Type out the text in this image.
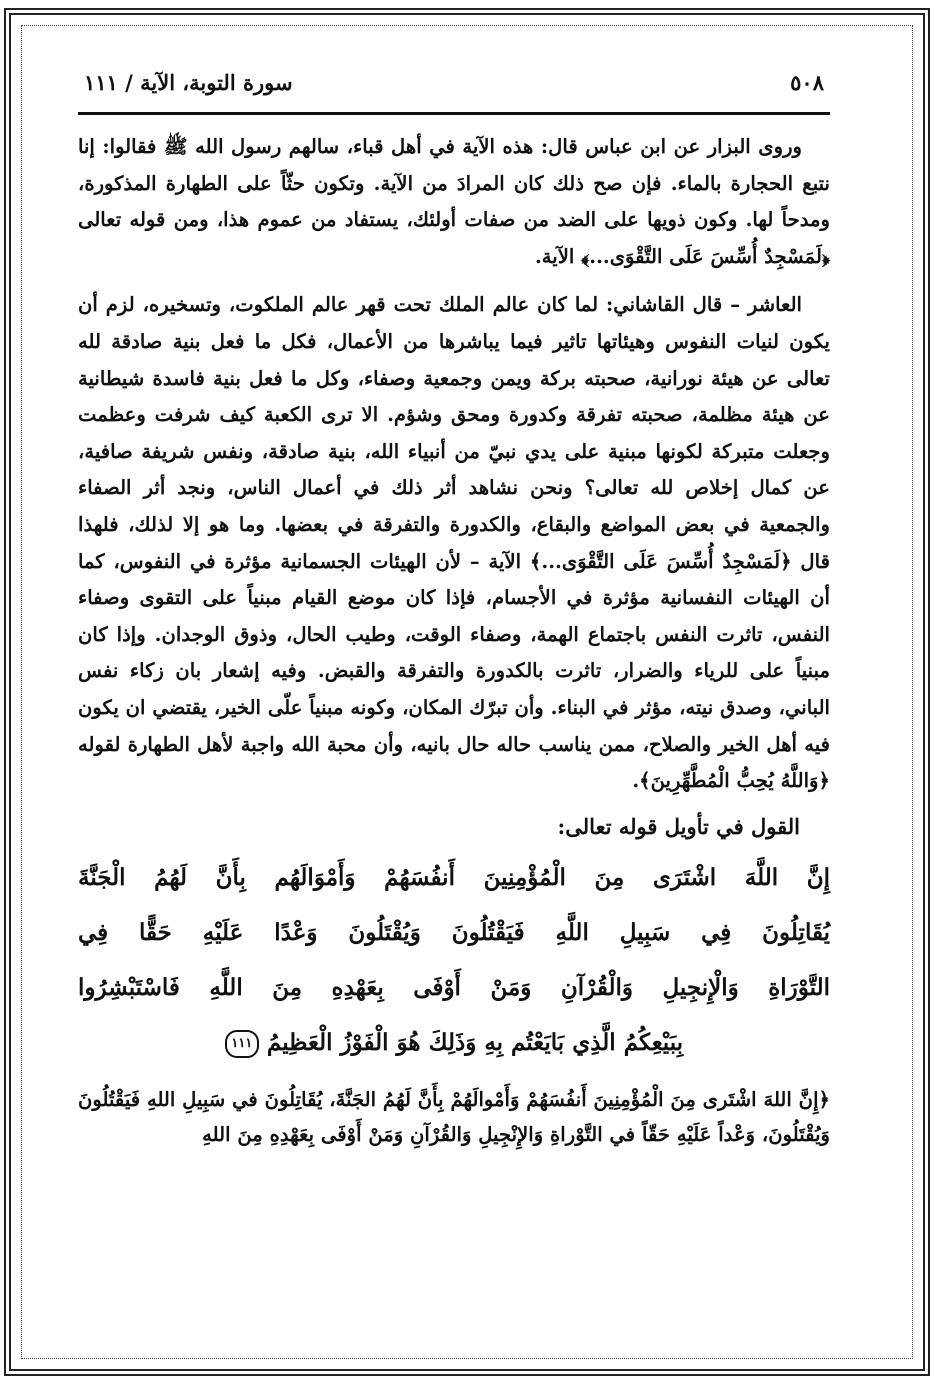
٥٠٨
سورة التوبة، الآية / ١١١

وروى البزار عن ابن عباس قال: هذه الآية في أهل قباء، سالهم رسول الله ﷺ فقالوا: إنا نتبع الحجارة بالماء. فإن صح ذلك كان المرادَ من الآية. وتكون حثّاً على الطهارة المذكورة، ومدحاً لها. وكون ذويها على الضد من صفات أولئك، يستفاد من عموم هذا، ومن قوله تعالى ﴿لَمَسْجِدٌ أُسِّسَ عَلَى التَّقْوَى...﴾ الآية.

العاشر – قال القاشاني: لما كان عالم الملك تحت قهر عالم الملكوت، وتسخيره، لزم أن يكون لنيات النفوس وهيئاتها تاثير فيما يباشرها من الأعمال، فكل ما فعل بنية صادقة لله تعالى عن هيئة نورانية، صحبته بركة ويمن وجمعية وصفاء، وكل ما فعل بنية فاسدة شيطانية عن هيئة مظلمة، صحبته تفرقة وكدورة ومحق وشؤم. الا ترى الكعبة كيف شرفت وعظمت وجعلت متبركة لكونها مبنية على يدي نبيّ من أنبياء الله، بنية صادقة، ونفس شريفة صافية، عن كمال إخلاص لله تعالى؟ ونحن نشاهد أثر ذلك في أعمال الناس، ونجد أثر الصفاء والجمعية في بعض المواضع والبقاع، والكدورة والتفرقة في بعضها. وما هو إلا لذلك، فلهذا قال ﴿لَمَسْجِدٌ أُسِّسَ عَلَى التَّقْوَى...﴾ الآية – لأن الهيئات الجسمانية مؤثرة في النفوس، كما أن الهيئات النفسانية مؤثرة في الأجسام، فإذا كان موضع القيام مبنياً على التقوى وصفاء النفس، تاثرت النفس باجتماع الهمة، وصفاء الوقت، وطيب الحال، وذوق الوجدان. وإذا كان مبنياً على للرياء والضرار، تاثرت بالكدورة والتفرقة والقبض. وفيه إشعار بان زكاء نفس الباني، وصدق نيته، مؤثر في البناء. وأن تبرّك المكان، وكونه مبنياً علّى الخير، يقتضي ان يكون فيه أهل الخير والصلاح، ممن يناسب حاله حال بانيه، وأن محبة الله واجبة لأهل الطهارة لقوله ﴿وَاللَّهُ يُحِبُّ الْمُطَّهِّرِينَ﴾.

القول في تأويل قوله تعالى:
إِنَّ اللَّهَ اشْتَرَى مِنَ الْمُؤْمِنِينَ أَنفُسَهُمْ وَأَمْوَالَهُم بِأَنَّ لَهُمُ الْجَنَّةَ
يُقَاتِلُونَ فِي سَبِيلِ اللَّهِ فَيَقْتُلُونَ وَيُقْتَلُونَ وَعْدًا عَلَيْهِ حَقًّا فِي
التَّوْرَاةِ وَالْإِنجِيلِ وَالْقُرْآنِ وَمَنْ أَوْفَى بِعَهْدِهِ مِنَ اللَّهِ فَاسْتَبْشِرُوا
بِبَيْعِكُمُ الَّذِي بَايَعْتُم بِهِ وَذَلِكَ هُوَ الْفَوْزُ الْعَظِيمُ ١١١

﴿إِنَّ اللهَ اشْتَرى مِنَ الْمُؤْمِنِينَ أَنفُسَهُمْ وَأَمْوالَهُمْ بِأَنَّ لَهُمُ الجَنَّةَ، يُقَاتِلُونَ في سَبِيلِ اللهِ فَيَقْتُلُونَ وَيُقْتَلُونَ، وَعْداً عَلَيْهِ حَقّاً في التَّوْراةِ وَالإِنْجِيلِ وَالقُرْآنِ وَمَنْ أَوْفَى بِعَهْدِهِ مِنَ اللهِ
